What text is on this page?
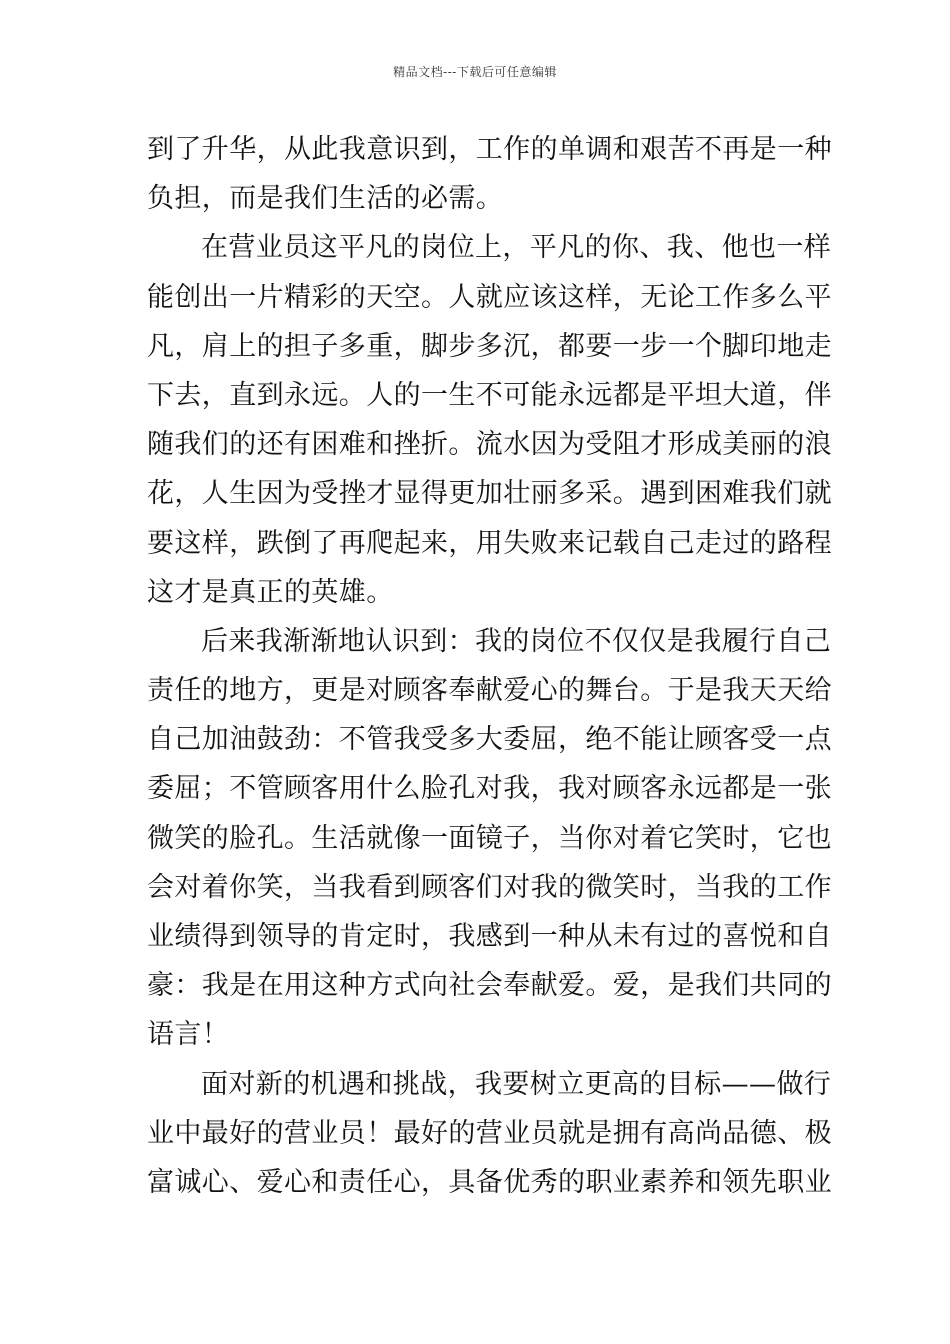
精品文档---下载后可任意编辑
到了升华，从此我意识到，工作的单调和艰苦不再是一种
负担，而是我们生活的必需。
在营业员这平凡的岗位上，平凡的你、我、他也一样
能创出一片精彩的天空。人就应该这样，无论工作多么平
凡，肩上的担子多重，脚步多沉，都要一步一个脚印地走
下去，直到永远。人的一生不可能永远都是平坦大道，伴
随我们的还有困难和挫折。流水因为受阻才形成美丽的浪
花，人生因为受挫才显得更加壮丽多采。遇到困难我们就
要这样，跌倒了再爬起来，用失败来记载自己走过的路程
这才是真正的英雄。
后来我渐渐地认识到：我的岗位不仅仅是我履行自己
责任的地方，更是对顾客奉献爱心的舞台。于是我天天给
自己加油鼓劲：不管我受多大委屈，绝不能让顾客受一点
委屈；不管顾客用什么脸孔对我，我对顾客永远都是一张
微笑的脸孔。生活就像一面镜子，当你对着它笑时，它也
会对着你笑，当我看到顾客们对我的微笑时，当我的工作
业绩得到领导的肯定时，我感到一种从未有过的喜悦和自
豪：我是在用这种方式向社会奉献爱。爱，是我们共同的
语言！
面对新的机遇和挑战，我要树立更高的目标——做行
业中最好的营业员！最好的营业员就是拥有高尚品德、极
富诚心、爱心和责任心，具备优秀的职业素养和领先职业
